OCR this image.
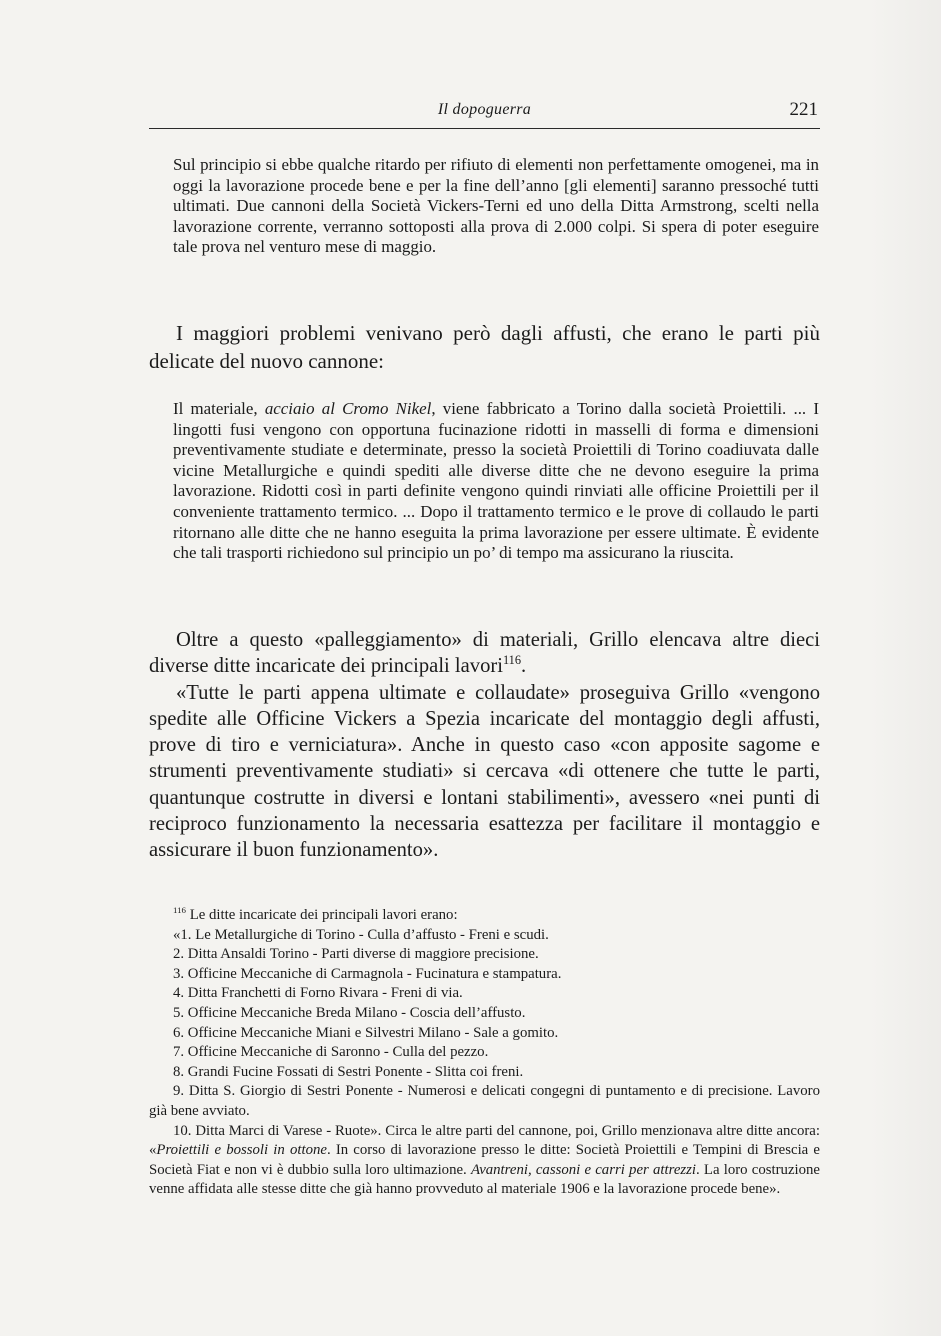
Il dopoguerra	221

Sul principio si ebbe qualche ritardo per rifiuto di elementi non perfettamente omogenei, ma in oggi la lavorazione procede bene e per la fine dell’anno [gli elementi] saranno pressoché tutti ultimati. Due cannoni della Società Vickers-Terni ed uno della Ditta Armstrong, scelti nella lavorazione corrente, verranno sottoposti alla prova di 2.000 colpi. Si spera di poter eseguire tale prova nel venturo mese di maggio.

I maggiori problemi venivano però dagli affusti, che erano le parti più delicate del nuovo cannone:

Il materiale, acciaio al Cromo Nikel, viene fabbricato a Torino dalla società Proiettili. ... I lingotti fusi vengono con opportuna fucinazione ridotti in masselli di forma e dimensioni preventivamente studiate e determinate, presso la società Proiettili di Torino coadiuvata dalle vicine Metallurgiche e quindi spediti alle diverse ditte che ne devono eseguire la prima lavorazione. Ridotti così in parti definite vengono quindi rinviati alle officine Proiettili per il conveniente trattamento termico. ... Dopo il trattamento termico e le prove di collaudo le parti ritornano alle ditte che ne hanno eseguita la prima lavorazione per essere ultimate. È evidente che tali trasporti richiedono sul principio un po’ di tempo ma assicurano la riuscita.

Oltre a questo «palleggiamento» di materiali, Grillo elencava altre dieci diverse ditte incaricate dei principali lavori$^{116}$.

«Tutte le parti appena ultimate e collaudate» proseguiva Grillo «vengono spedite alle Officine Vickers a Spezia incaricate del montaggio degli affusti, prove di tiro e verniciatura». Anche in questo caso «con apposite sagome e strumenti preventivamente studiati» si cercava «di ottenere che tutte le parti, quantunque costrutte in diversi e lontani stabilimenti», avessero «nei punti di reciproco funzionamento la necessaria esattezza per facilitare il montaggio e assicurare il buon funzionamento».

$^{116}$ Le ditte incaricate dei principali lavori erano:

«1. Le Metallurgiche di Torino - Culla d’affusto - Freni e scudi.

2. Ditta Ansaldi Torino - Parti diverse di maggiore precisione.

3. Officine Meccaniche di Carmagnola - Fucinatura e stampatura.

4. Ditta Franchetti di Forno Rivara - Freni di via.

5. Officine Meccaniche Breda Milano - Coscia dell’affusto.

6. Officine Meccaniche Miani e Silvestri Milano - Sale a gomito.

7. Officine Meccaniche di Saronno - Culla del pezzo.

8. Grandi Fucine Fossati di Sestri Ponente - Slitta coi freni.

9. Ditta S. Giorgio di Sestri Ponente - Numerosi e delicati congegni di puntamento e di precisione. Lavoro già bene avviato.

10. Ditta Marci di Varese - Ruote». Circa le altre parti del cannone, poi, Grillo menzionava altre ditte ancora: «Proiettili e bossoli in ottone. In corso di lavorazione presso le ditte: Società Proiettili e Tempini di Brescia e Società Fiat e non vi è dubbio sulla loro ultimazione. Avantreni, cassoni e carri per attrezzi. La loro costruzione venne affidata alle stesse ditte che già hanno provveduto al materiale 1906 e la lavorazione procede bene».
